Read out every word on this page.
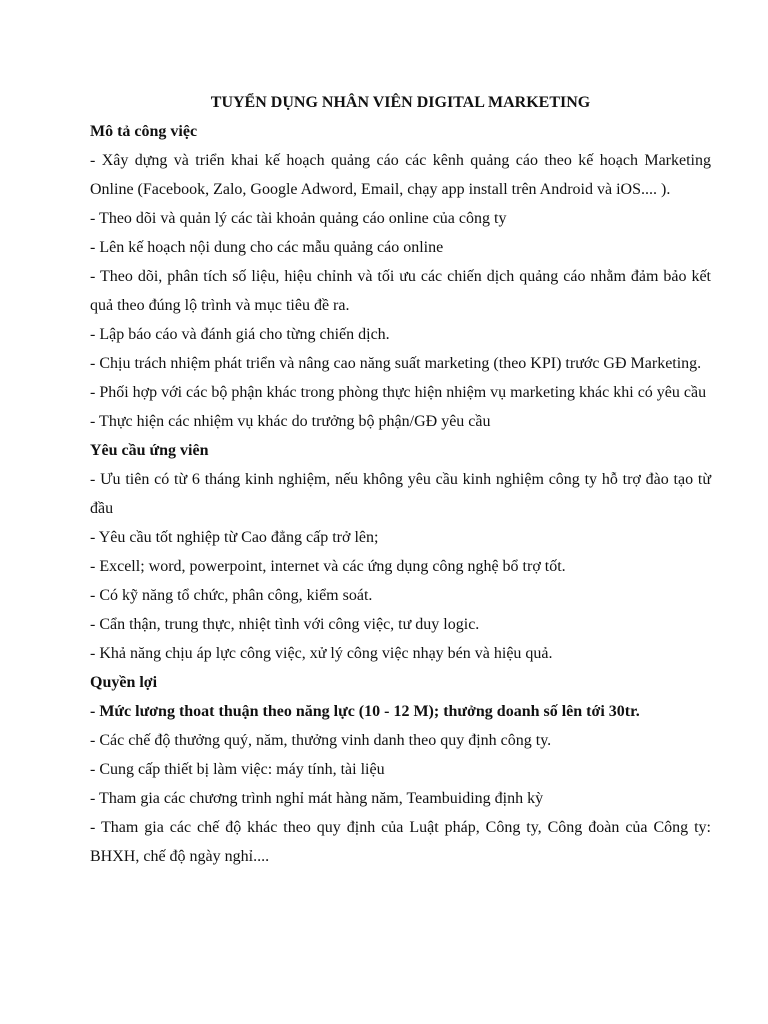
TUYỂN DỤNG NHÂN VIÊN DIGITAL MARKETING

Mô tả công việc

- Xây dựng và triển khai kế hoạch quảng cáo các kênh quảng cáo theo kế hoạch Marketing Online (Facebook, Zalo, Google Adword, Email, chạy app install trên Android và iOS.... ).

- Theo dõi và quản lý các tài khoản quảng cáo online của công ty

- Lên kế hoạch nội dung cho các mẫu quảng cáo online

- Theo dõi, phân tích số liệu, hiệu chỉnh và tối ưu các chiến dịch quảng cáo nhằm đảm bảo kết quả theo đúng lộ trình và mục tiêu đề ra.

- Lập báo cáo và đánh giá cho từng chiến dịch.

- Chịu trách nhiệm phát triển và nâng cao năng suất marketing (theo KPI) trước GĐ Marketing.

- Phối hợp với các bộ phận khác trong phòng thực hiện nhiệm vụ marketing khác khi có yêu cầu

- Thực hiện các nhiệm vụ khác do trưởng bộ phận/GĐ yêu cầu

Yêu cầu ứng viên

- Ưu tiên có từ 6 tháng kinh nghiệm, nếu không yêu cầu kinh nghiệm công ty hỗ trợ đào tạo từ đầu

- Yêu cầu tốt nghiệp từ Cao đẳng cấp trở lên;

- Excell; word, powerpoint, internet và các ứng dụng công nghệ bổ trợ tốt.

- Có kỹ năng tổ chức, phân công, kiểm soát.

- Cẩn thận, trung thực, nhiệt tình với công việc, tư duy logic.

- Khả năng chịu áp lực công việc, xử lý công việc nhạy bén và hiệu quả.

Quyền lợi

- Mức lương thoat thuận theo năng lực (10 - 12 M); thưởng doanh số lên tới 30tr.

- Các chế độ thưởng quý, năm, thưởng vinh danh theo quy định công ty.

- Cung cấp thiết bị làm việc: máy tính, tài liệu

- Tham gia các chương trình nghỉ mát hàng năm, Teambuiding định kỳ

- Tham gia các chế độ khác theo quy định của Luật pháp, Công ty, Công đoàn của Công ty: BHXH, chế độ ngày nghỉ....
